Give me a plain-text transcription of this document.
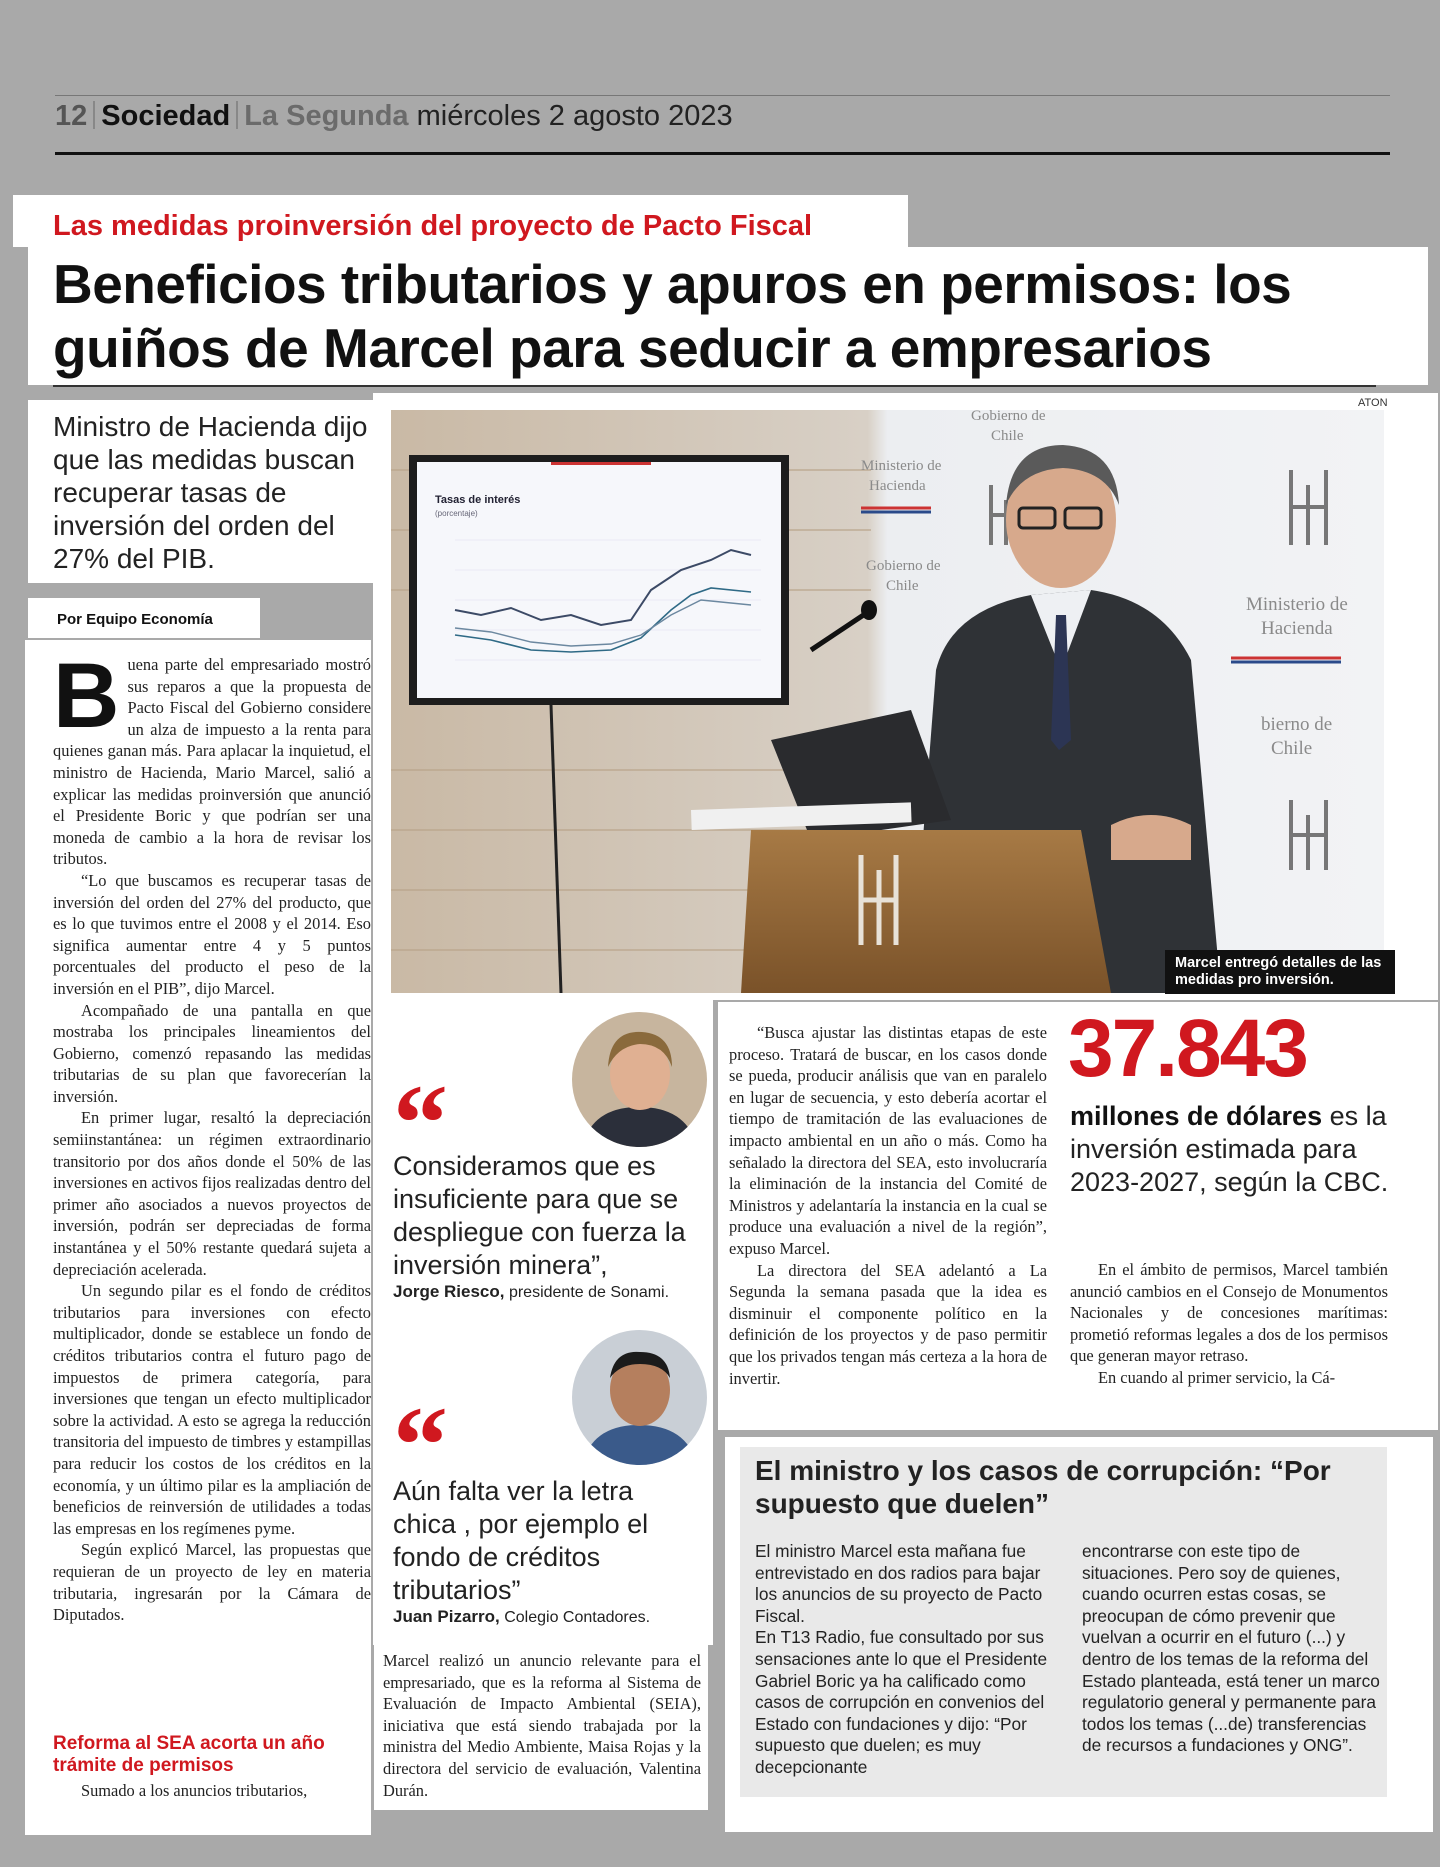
12 Sociedad La Segunda miércoles 2 agosto 2023
Las medidas proinversión del proyecto de Pacto Fiscal
Beneficios tributarios y apuros en permisos: los guiños de Marcel para seducir a empresarios
Ministro de Hacienda dijo que las medidas buscan recuperar tasas de inversión del orden del 27% del PIB.
Por Equipo Economía

Buena parte del empresariado mostró sus reparos a que la propuesta de Pacto Fiscal del Gobierno considere un alza de impuesto a la renta para quienes ganan más. Para aplacar la inquietud, el ministro de Hacienda, Mario Marcel, salió a explicar las medidas proinversión que anunció el Presidente Boric y que podrían ser una moneda de cambio a la hora de revisar los tributos.

“Lo que buscamos es recuperar tasas de inversión del orden del 27% del producto, que es lo que tuvimos entre el 2008 y el 2014. Eso significa aumentar entre 4 y 5 puntos porcentuales del producto el peso de la inversión en el PIB”, dijo Marcel.

Acompañado de una pantalla en que mostraba los principales lineamientos del Gobierno, comenzó repasando las medidas tributarias de su plan que favorecerían la inversión.

En primer lugar, resaltó la depreciación semiinstantánea: un régimen extraordinario transitorio por dos años donde el 50% de las inversiones en activos fijos realizadas dentro del primer año asociados a nuevos proyectos de inversión, podrán ser depreciadas de forma instantánea y el 50% restante quedará sujeta a depreciación acelerada.

Un segundo pilar es el fondo de créditos tributarios para inversiones con efecto multiplicador, donde se establece un fondo de créditos tributarios contra el futuro pago de impuestos de primera categoría, para inversiones que tengan un efecto multiplicador sobre la actividad. A esto se agrega la reducción transitoria del impuesto de timbres y estampillas para reducir los costos de los créditos en la economía, y un último pilar es la ampliación de beneficios de reinversión de utilidades a todas las empresas en los regímenes pyme.

Según explicó Marcel, las propuestas que requieran de un proyecto de ley en materia tributaria, ingresarán por la Cámara de Diputados.

Reforma al SEA acorta un año trámite de permisos
Sumado a los anuncios tributarios,
ATON
Ministerio de
Hacienda
Gobierno de
Chile
Ministerio de
Hacienda
bierno de
Chile
Gobierno de
Chile
Tasas de interés
(porcentaje)
Marcel entregó detalles de las medidas pro inversión.
“
Consideramos que es insuficiente para que se despliegue con fuerza la inversión minera”,
Jorge Riesco, presidente de Sonami.
“
Aún falta ver la letra chica , por ejemplo el fondo de créditos tributarios”
Juan Pizarro, Colegio Contadores.
Marcel realizó un anuncio relevante para el empresariado, que es la reforma al Sistema de Evaluación de Impacto Ambiental (SEIA), iniciativa que está siendo trabajada por la ministra del Medio Ambiente, Maisa Rojas y la directora del servicio de evaluación, Valentina Durán.

“Busca ajustar las distintas etapas de este proceso. Tratará de buscar, en los casos donde se pueda, producir análisis que van en paralelo en lugar de secuencia, y esto debería acortar el tiempo de tramitación de las evaluaciones de impacto ambiental en un año o más. Como ha señalado la directora del SEA, esto involucraría la eliminación de la instancia del Comité de Ministros y adelantaría la instancia en la cual se produce una evaluación a nivel de la región”, expuso Marcel.

La directora del SEA adelantó a La Segunda la semana pasada que la idea es disminuir el componente político en la definición de los proyectos y de paso permitir que los privados tengan más certeza a la hora de invertir.

37.843
millones de dólares es la inversión estimada para 2023-2027, según la CBC.

En el ámbito de permisos, Marcel también anunció cambios en el Consejo de Monumentos Nacionales y de concesiones marítimas: prometió reformas legales a dos de los permisos que generan mayor retraso.

En cuando al primer servicio, la Cá-

El ministro y los casos de corrupción: “Por supuesto que duelen”
El ministro Marcel esta mañana fue entrevistado en dos radios para bajar los anuncios de su proyecto de Pacto Fiscal.
En T13 Radio, fue consultado por sus sensaciones ante lo que el Presidente Gabriel Boric ya ha calificado como casos de corrupción en convenios del Estado con fundaciones y dijo: “Por supuesto que duelen; es muy decepcionante
encontrarse con este tipo de situaciones. Pero soy de quienes, cuando ocurren estas cosas, se preocupan de cómo prevenir que vuelvan a ocurrir en el futuro (...) y dentro de los temas de la reforma del Estado planteada, está tener un marco regulatorio general y permanente para todos los temas (...de) transferencias de recursos a fundaciones y ONG”.
